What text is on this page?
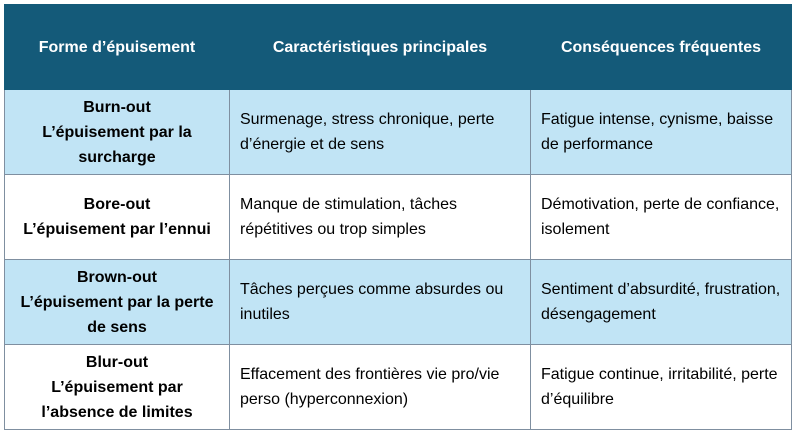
Forme d’épuisement	Caractéristiques principales	Conséquences fréquentes

Burn-out
L’épuisement par la surcharge	Surmenage, stress chronique, perte d’énergie et de sens	Fatigue intense, cynisme, baisse de performance

Bore-out
L’épuisement par l’ennui	Manque de stimulation, tâches répétitives ou trop simples	Démotivation, perte de confiance, isolement

Brown-out
L’épuisement par la perte de sens	Tâches perçues comme absurdes ou inutiles	Sentiment d’absurdité, frustration, désengagement

Blur-out
L’épuisement par l’absence de limites	Effacement des frontières vie pro/vie perso (hyperconnexion)	Fatigue continue, irritabilité, perte d’équilibre
